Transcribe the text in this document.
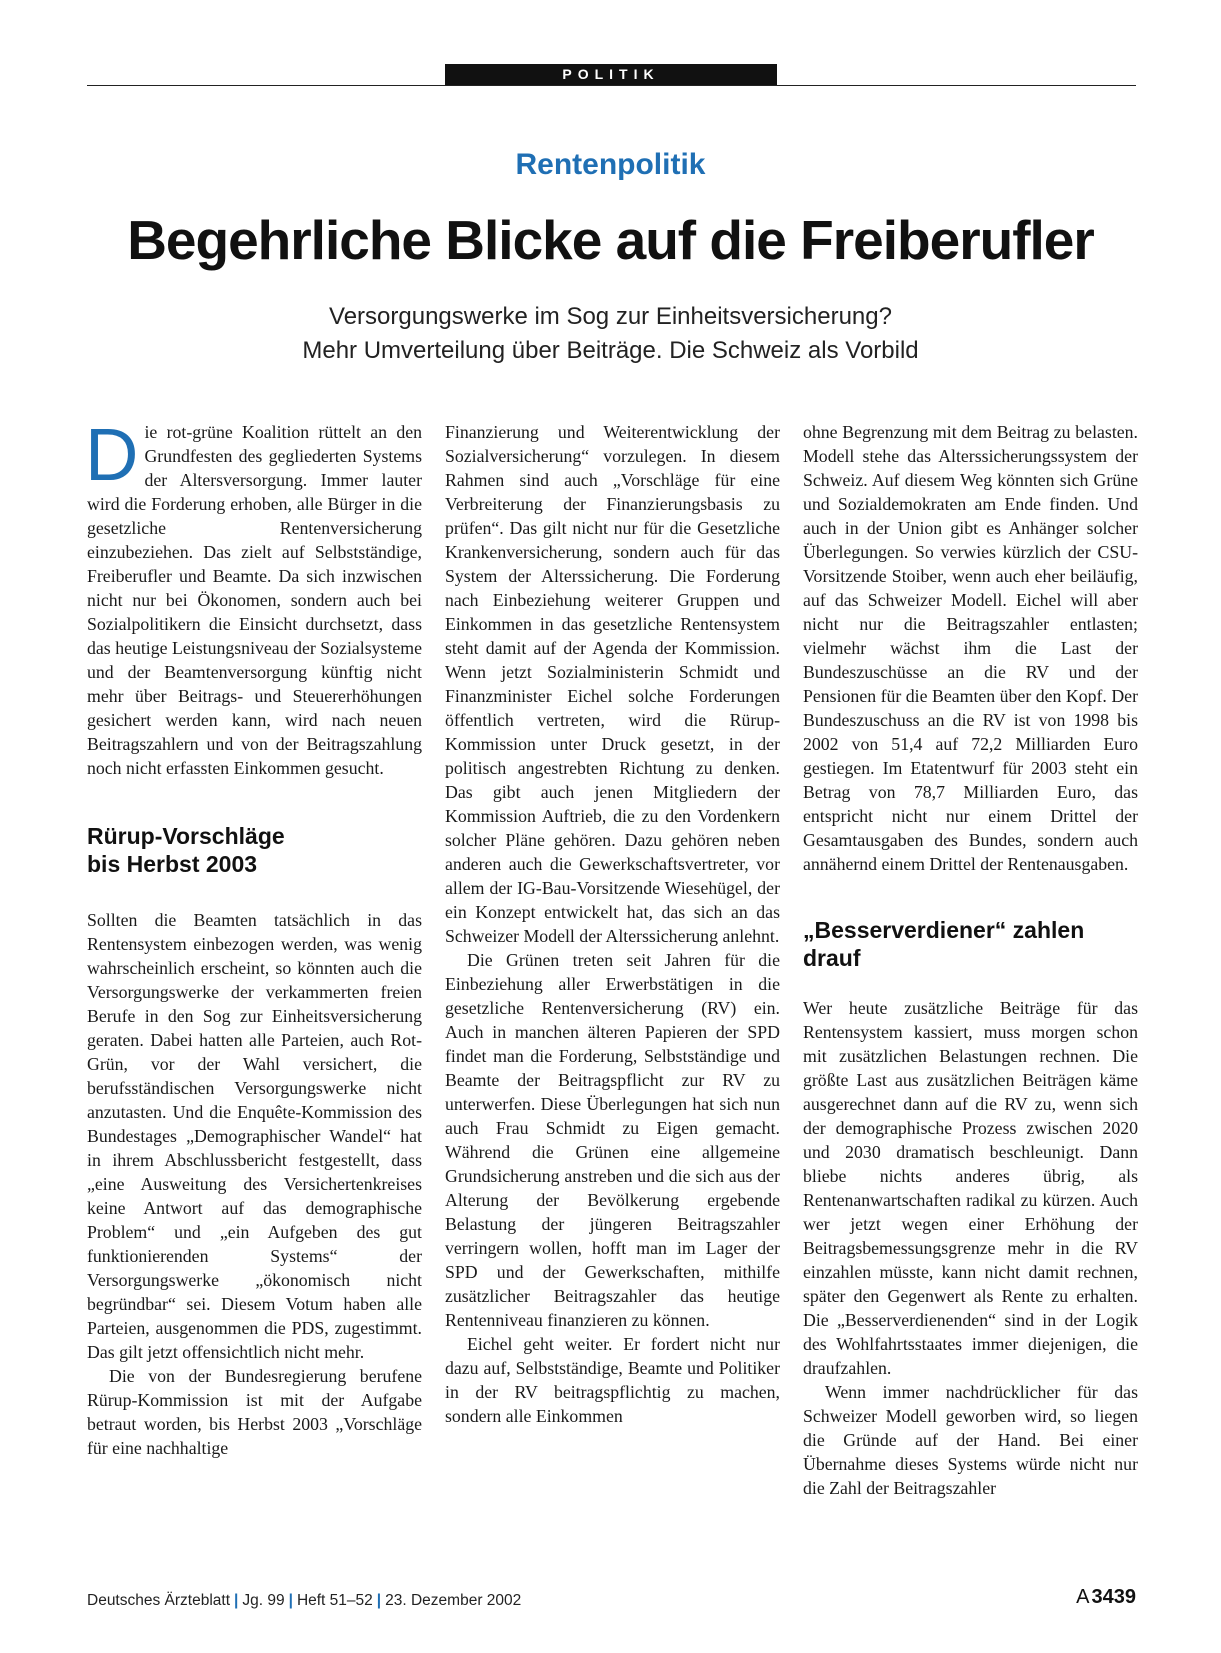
POLITIK
Rentenpolitik
Begehrliche Blicke auf die Freiberufler
Versorgungswerke im Sog zur Einheitsversicherung?
Mehr Umverteilung über Beiträge. Die Schweiz als Vorbild

Die rot-grüne Koalition rüttelt an den Grundfesten des gegliederten Systems der Altersversorgung. Immer lauter wird die Forderung erhoben, alle Bürger in die gesetzliche Rentenversicherung einzubeziehen. Das zielt auf Selbstständige, Freiberufler und Beamte. Da sich inzwischen nicht nur bei Ökonomen, sondern auch bei Sozialpolitikern die Einsicht durchsetzt, dass das heutige Leistungsniveau der Sozialsysteme und der Beamtenversorgung künftig nicht mehr über Beitrags- und Steuererhöhungen gesichert werden kann, wird nach neuen Beitragszahlern und von der Beitragszahlung noch nicht erfassten Einkommen gesucht.

Rürup-Vorschläge
bis Herbst 2003

Sollten die Beamten tatsächlich in das Rentensystem einbezogen werden, was wenig wahrscheinlich erscheint, so könnten auch die Versorgungswerke der verkammerten freien Berufe in den Sog zur Einheitsversicherung geraten. Dabei hatten alle Parteien, auch Rot-Grün, vor der Wahl versichert, die berufsständischen Versorgungswerke nicht anzutasten. Und die Enquête-Kommission des Bundestages „Demographischer Wandel“ hat in ihrem Abschlussbericht festgestellt, dass „eine Ausweitung des Versichertenkreises keine Antwort auf das demographische Problem“ und „ein Aufgeben des gut funktionierenden Systems“ der Versorgungswerke „ökonomisch nicht begründbar“ sei. Diesem Votum haben alle Parteien, ausgenommen die PDS, zugestimmt. Das gilt jetzt offensichtlich nicht mehr.

Die von der Bundesregierung berufene Rürup-Kommission ist mit der Aufgabe betraut worden, bis Herbst 2003 „Vorschläge für eine nachhaltige

Finanzierung und Weiterentwicklung der Sozialversicherung“ vorzulegen. In diesem Rahmen sind auch „Vorschläge für eine Verbreiterung der Finanzierungsbasis zu prüfen“. Das gilt nicht nur für die Gesetzliche Krankenversicherung, sondern auch für das System der Alterssicherung. Die Forderung nach Einbeziehung weiterer Gruppen und Einkommen in das gesetzliche Rentensystem steht damit auf der Agenda der Kommission. Wenn jetzt Sozialministerin Schmidt und Finanzminister Eichel solche Forderungen öffentlich vertreten, wird die Rürup-Kommission unter Druck gesetzt, in der politisch angestrebten Richtung zu denken. Das gibt auch jenen Mitgliedern der Kommission Auftrieb, die zu den Vordenkern solcher Pläne gehören. Dazu gehören neben anderen auch die Gewerkschaftsvertreter, vor allem der IG-Bau-Vorsitzende Wiesehügel, der ein Konzept entwickelt hat, das sich an das Schweizer Modell der Alterssicherung anlehnt.

Die Grünen treten seit Jahren für die Einbeziehung aller Erwerbstätigen in die gesetzliche Rentenversicherung (RV) ein. Auch in manchen älteren Papieren der SPD findet man die Forderung, Selbstständige und Beamte der Beitragspflicht zur RV zu unterwerfen. Diese Überlegungen hat sich nun auch Frau Schmidt zu Eigen gemacht. Während die Grünen eine allgemeine Grundsicherung anstreben und die sich aus der Alterung der Bevölkerung ergebende Belastung der jüngeren Beitragszahler verringern wollen, hofft man im Lager der SPD und der Gewerkschaften, mithilfe zusätzlicher Beitragszahler das heutige Rentenniveau finanzieren zu können.

Eichel geht weiter. Er fordert nicht nur dazu auf, Selbstständige, Beamte und Politiker in der RV beitragspflichtig zu machen, sondern alle Einkommen

ohne Begrenzung mit dem Beitrag zu belasten. Modell stehe das Alterssicherungssystem der Schweiz. Auf diesem Weg könnten sich Grüne und Sozialdemokraten am Ende finden. Und auch in der Union gibt es Anhänger solcher Überlegungen. So verwies kürzlich der CSU-Vorsitzende Stoiber, wenn auch eher beiläufig, auf das Schweizer Modell. Eichel will aber nicht nur die Beitragszahler entlasten; vielmehr wächst ihm die Last der Bundeszuschüsse an die RV und der Pensionen für die Beamten über den Kopf. Der Bundeszuschuss an die RV ist von 1998 bis 2002 von 51,4 auf 72,2 Milliarden Euro gestiegen. Im Etatentwurf für 2003 steht ein Betrag von 78,7 Milliarden Euro, das entspricht nicht nur einem Drittel der Gesamtausgaben des Bundes, sondern auch annähernd einem Drittel der Rentenausgaben.

„Besserverdiener“ zahlen drauf

Wer heute zusätzliche Beiträge für das Rentensystem kassiert, muss morgen schon mit zusätzlichen Belastungen rechnen. Die größte Last aus zusätzlichen Beiträgen käme ausgerechnet dann auf die RV zu, wenn sich der demographische Prozess zwischen 2020 und 2030 dramatisch beschleunigt. Dann bliebe nichts anderes übrig, als Rentenanwartschaften radikal zu kürzen. Auch wer jetzt wegen einer Erhöhung der Beitragsbemessungsgrenze mehr in die RV einzahlen müsste, kann nicht damit rechnen, später den Gegenwert als Rente zu erhalten. Die „Besserverdienenden“ sind in der Logik des Wohlfahrtsstaates immer diejenigen, die draufzahlen.

Wenn immer nachdrücklicher für das Schweizer Modell geworben wird, so liegen die Gründe auf der Hand. Bei einer Übernahme dieses Systems würde nicht nur die Zahl der Beitragszahler

Deutsches Ärzteblatt | Jg. 99 | Heft 51–52 | 23. Dezember 2002	A 3439
